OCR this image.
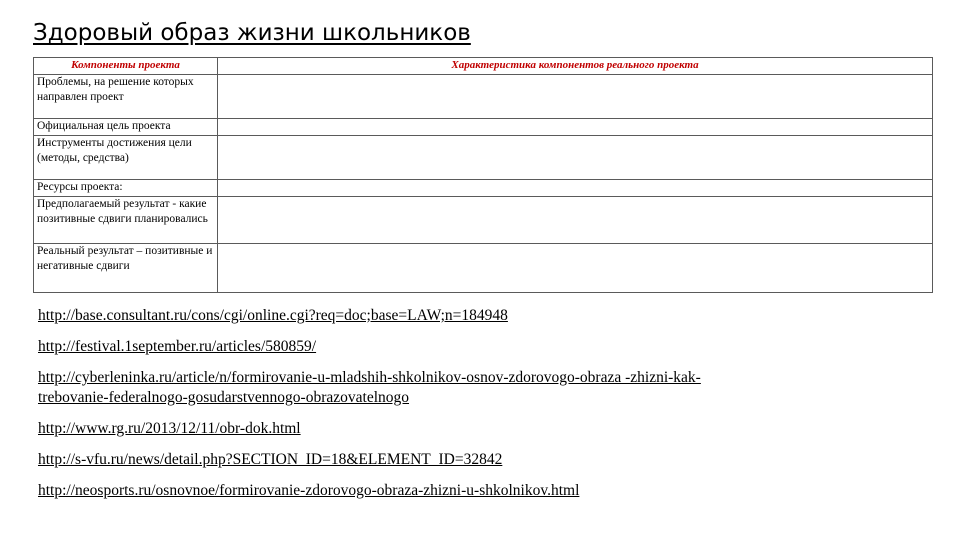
Здоровый образ жизни школьников
Компоненты проекта	Характеристика компонентов реального проекта
Проблемы, на решение которых направлен проект	
Официальная цель проекта	
Инструменты достижения цели (методы, средства)	
Ресурсы проекта:	
Предполагаемый результат - какие позитивные сдвиги планировались	
Реальный результат – позитивные и негативные сдвиги	
http://base.consultant.ru/cons/cgi/online.cgi?req=doc;base=LAW;n=184948
http://festival.1september.ru/articles/580859/
http://cyberleninka.ru/article/n/formirovanie-u-mladshih-shkolnikov-osnov-zdorovogo-obraza -zhizni-kak-trebovanie-federalnogo-gosudarstvennogo-obrazovatelnogo
http://www.rg.ru/2013/12/11/obr-dok.html
http://s-vfu.ru/news/detail.php?SECTION_ID=18&ELEMENT_ID=32842
http://neosports.ru/osnovnoe/formirovanie-zdorovogo-obraza-zhizni-u-shkolnikov.html
